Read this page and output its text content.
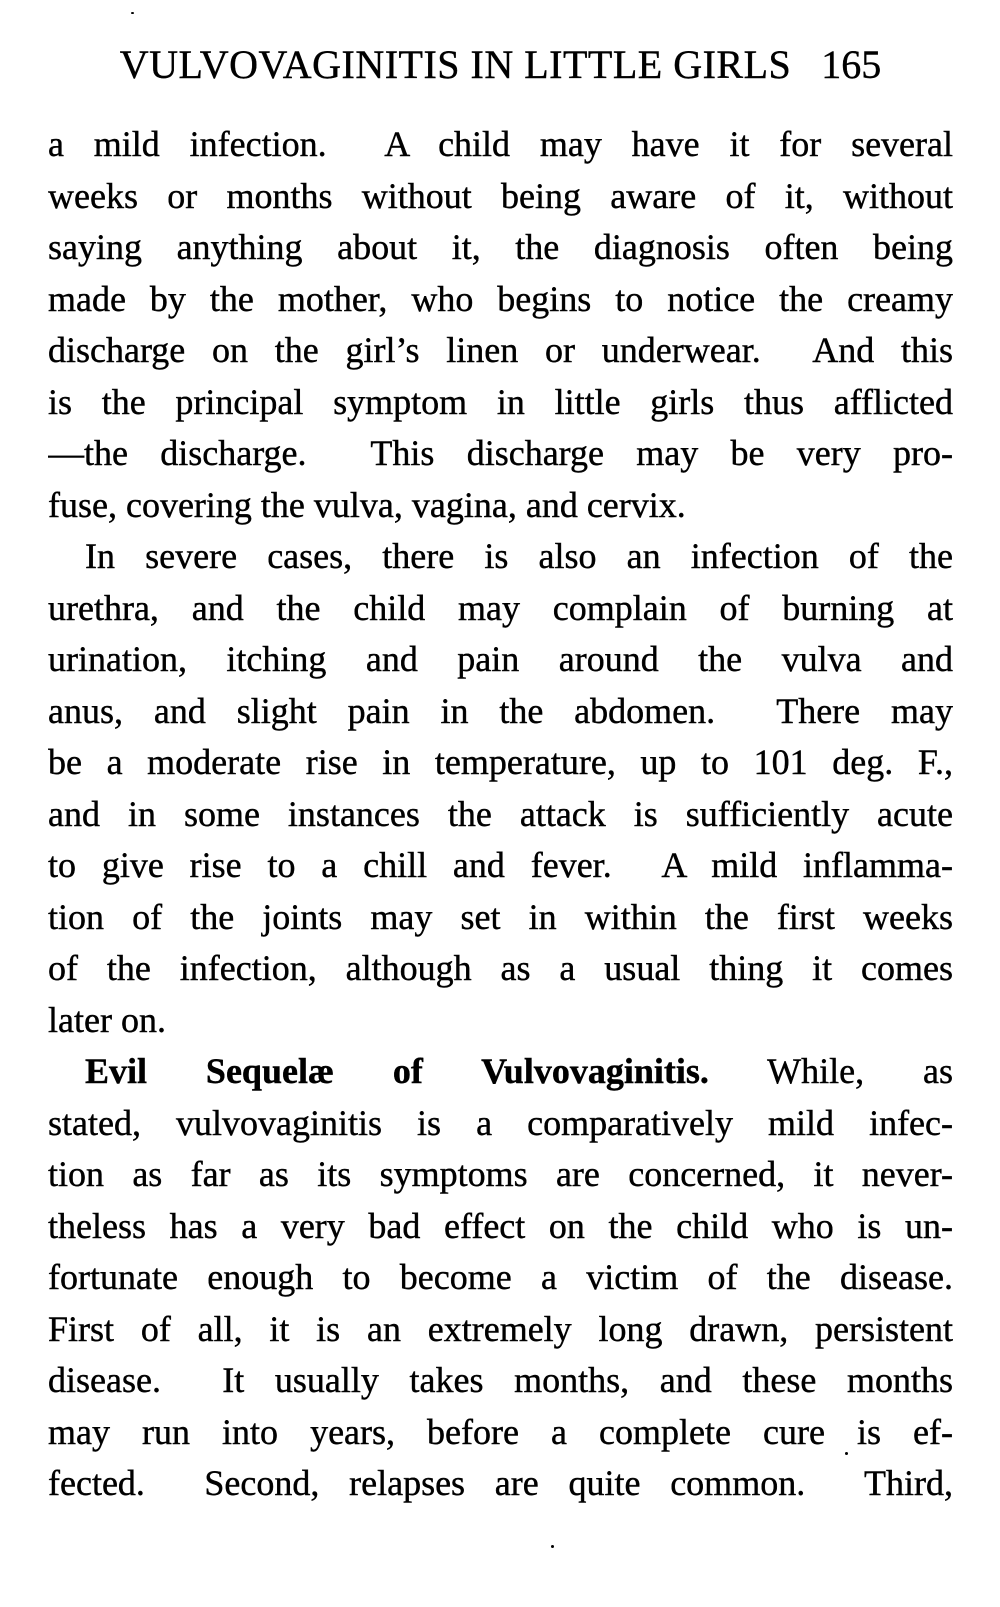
VULVOVAGINITIS IN LITTLE GIRLS 165
a mild infection.  A child may have it for several
weeks or months without being aware of it, without
saying anything about it, the diagnosis often being
made by the mother, who begins to notice the creamy
discharge on the girl’s linen or underwear.  And this
is the principal symptom in little girls thus afflicted
—the discharge.  This discharge may be very pro-
fuse, covering the vulva, vagina, and cervix.
In severe cases, there is also an infection of the
urethra, and the child may complain of burning at
urination, itching and pain around the vulva and
anus, and slight pain in the abdomen.  There may
be a moderate rise in temperature, up to 101 deg. F.,
and in some instances the attack is sufficiently acute
to give rise to a chill and fever.  A mild inflamma-
tion of the joints may set in within the first weeks
of the infection, although as a usual thing it comes
later on.
Evil Sequelæ of Vulvovaginitis. While, as
stated, vulvovaginitis is a comparatively mild infec-
tion as far as its symptoms are concerned, it never-
theless has a very bad effect on the child who is un-
fortunate enough to become a victim of the disease.
First of all, it is an extremely long drawn, persistent
disease.  It usually takes months, and these months
may run into years, before a complete cure is ef-
fected.  Second, relapses are quite common.  Third,
